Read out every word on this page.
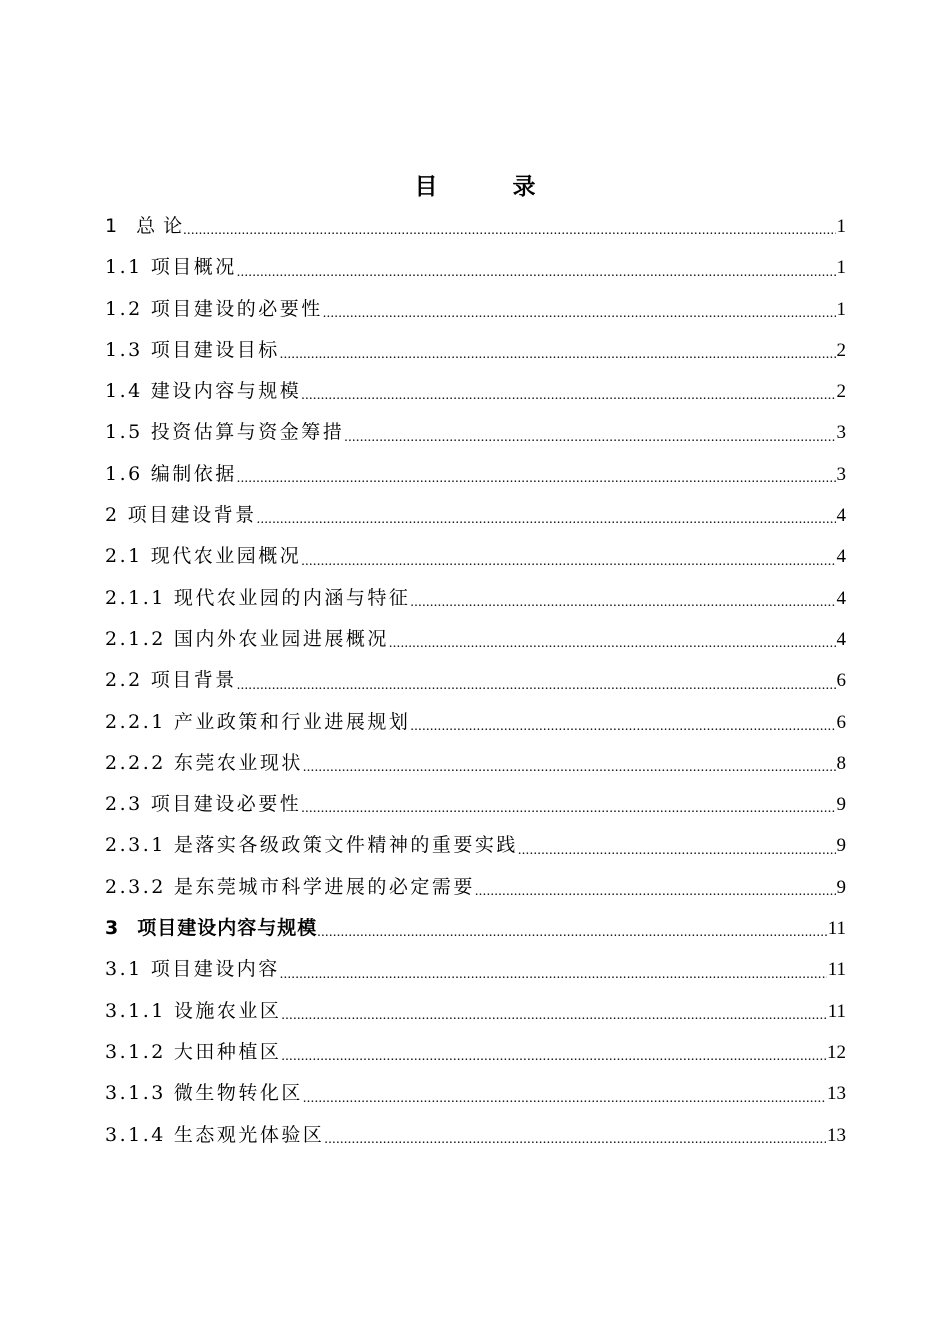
目　录
1 总 论 .....	1
1.1 项目概况 .....	1
1.2 项目建设的必要性 .....	1
1.3 项目建设目标 .....	2
1.4 建设内容与规模 .....	2
1.5 投资估算与资金筹措 .....	3
1.6 编制依据 .....	3
2 项目建设背景 .....	4
2.1 现代农业园概况 .....	4
2.1.1 现代农业园的内涵与特征 .....	4
2.1.2 国内外农业园进展概况 .....	4
2.2 项目背景 .....	6
2.2.1 产业政策和行业进展规划 .....	6
2.2.2 东莞农业现状 .....	8
2.3 项目建设必要性 .....	9
2.3.1 是落实各级政策文件精神的重要实践 .....	9
2.3.2 是东莞城市科学进展的必定需要 .....	9
3 项目建设内容与规模 .....	11
3.1 项目建设内容 .....	11
3.1.1 设施农业区 .....	11
3.1.2 大田种植区 .....	12
3.1.3 微生物转化区 .....	13
3.1.4 生态观光体验区 .....	13
